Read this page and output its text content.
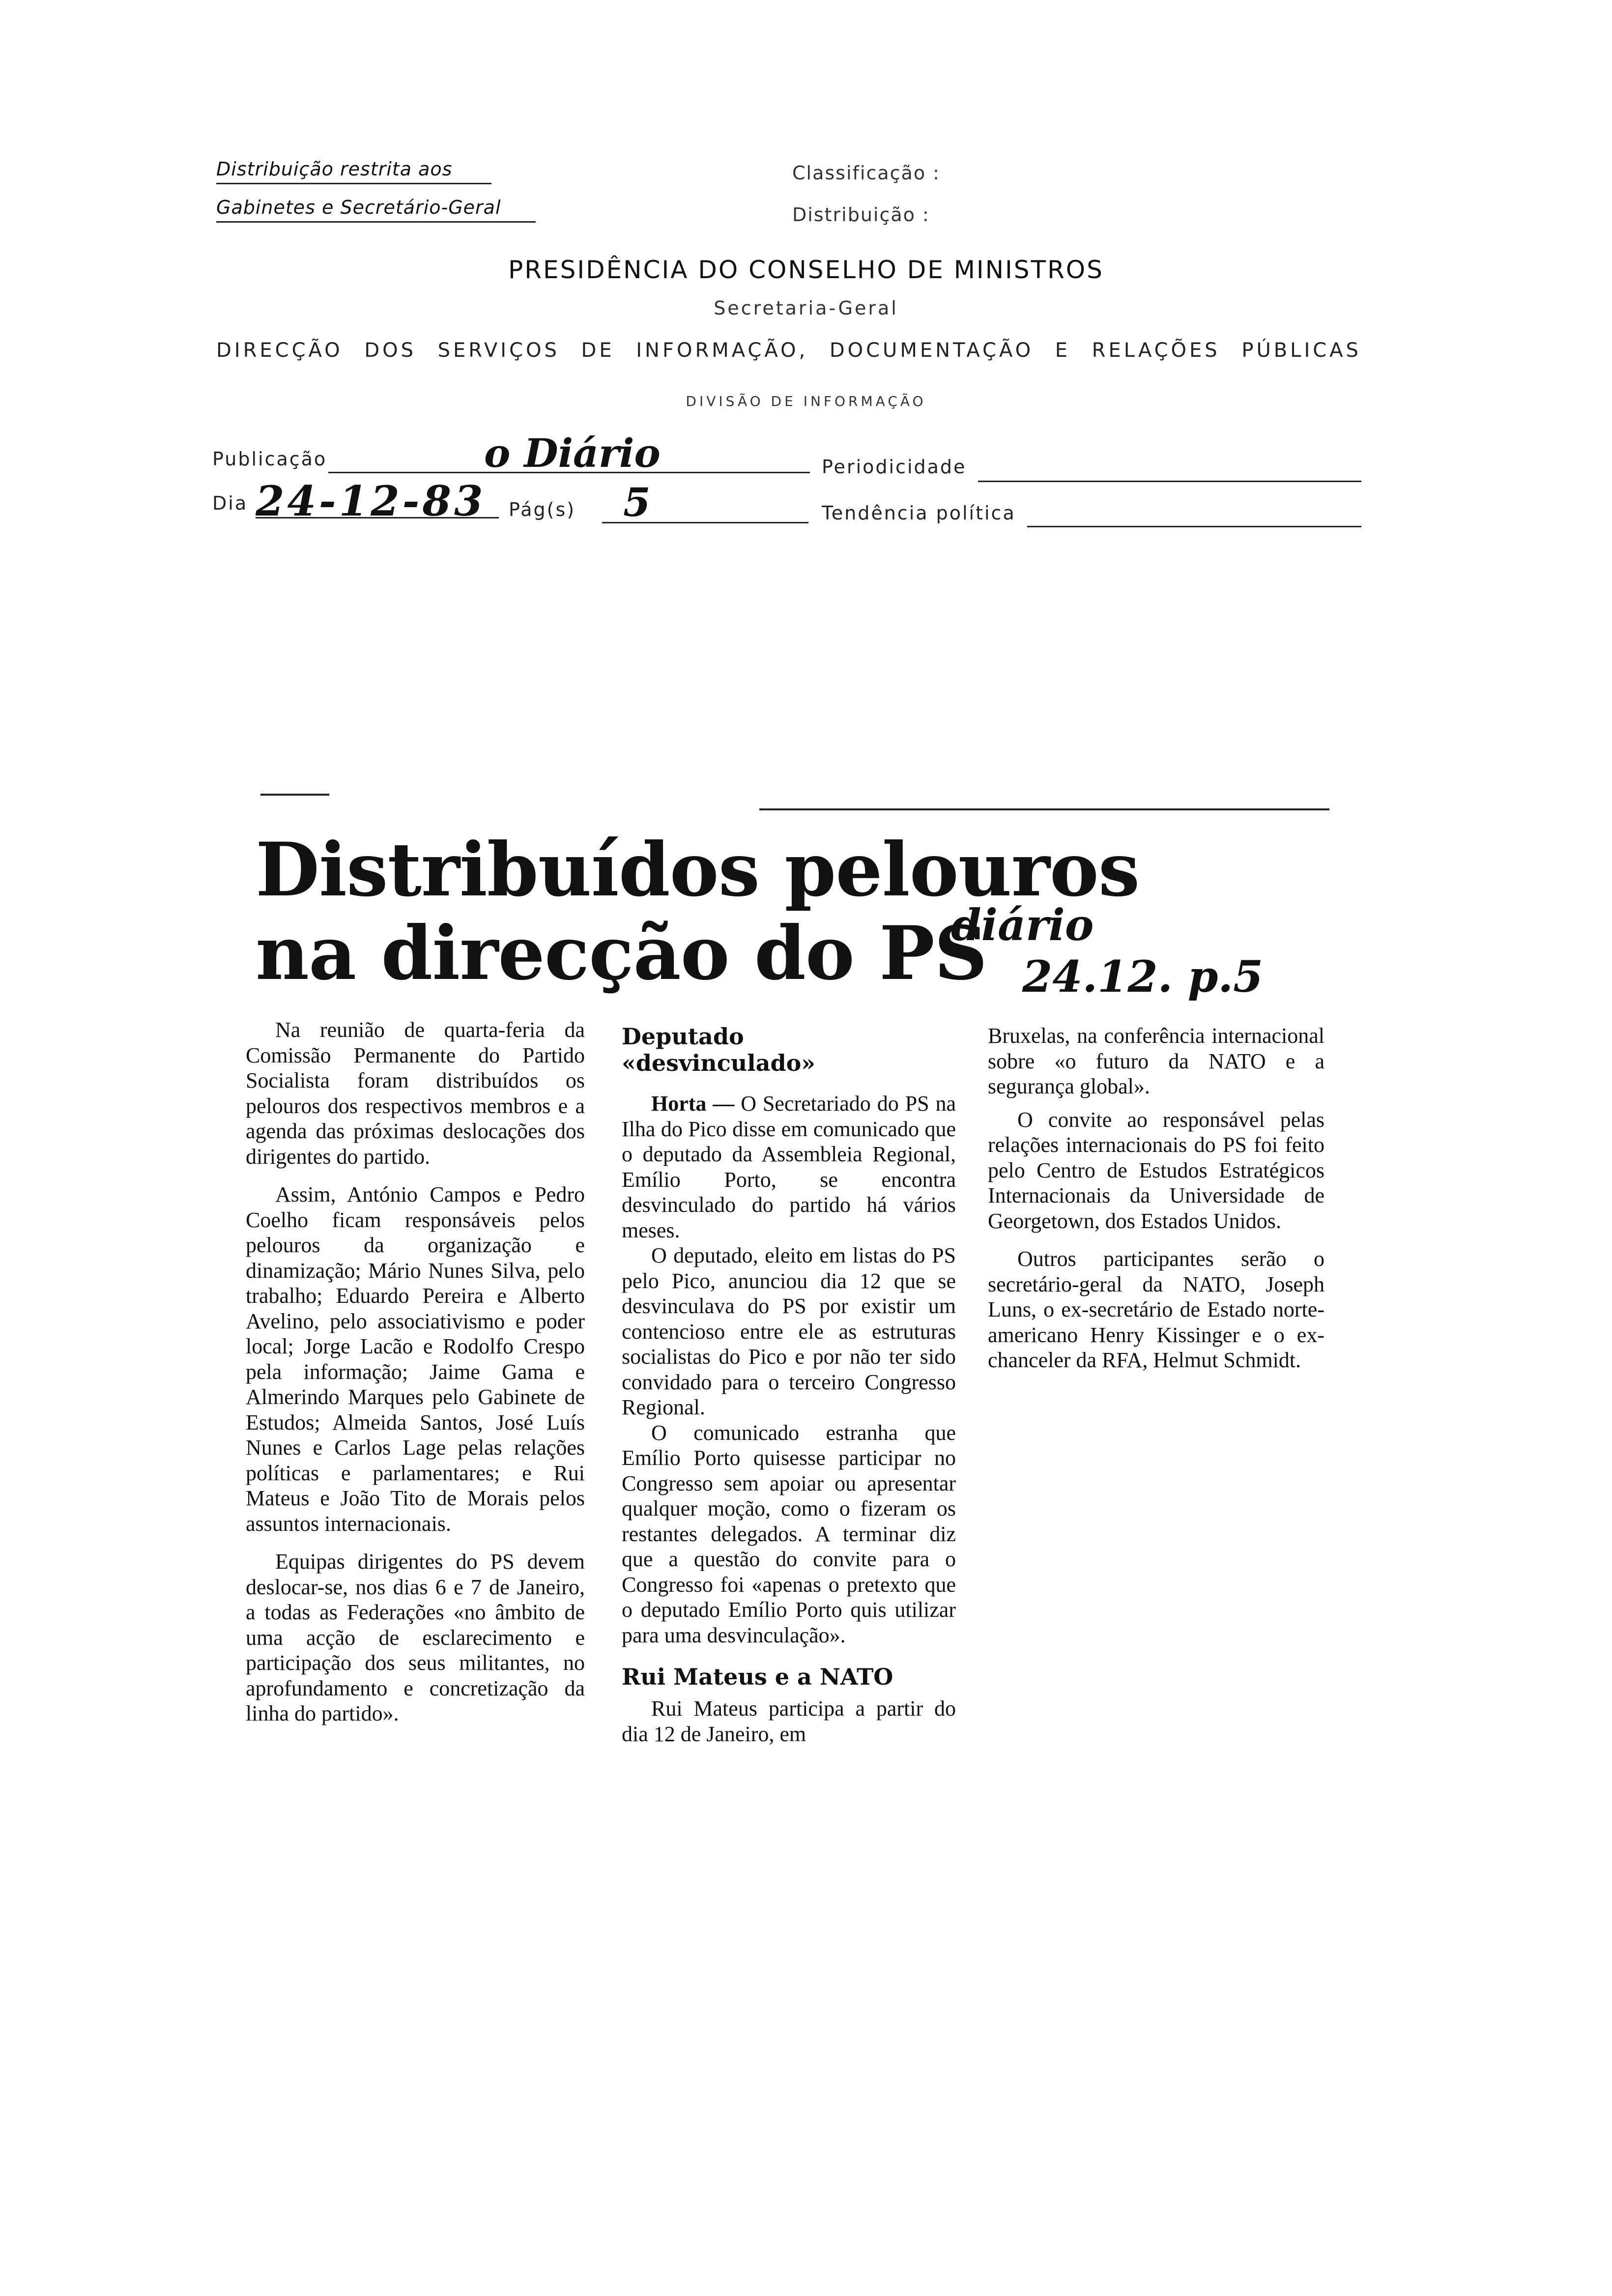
Distribuição restrita aos
Gabinetes e Secretário-Geral
Classificação :
Distribuição :
PRESIDÊNCIA DO CONSELHO DE MINISTROS
Secretaria-Geral
DIRECÇÃO DOS SERVIÇOS DE INFORMAÇÃO, DOCUMENTAÇÃO E RELAÇÕES PÚBLICAS
DIVISÃO DE INFORMAÇÃO
Publicação	o Diário	Periodicidade
Dia 24-12-83 Pág(s) 5	Tendência política
Distribuídos pelouros
na direcção do PS
diário
24.12. p.5

Na reunião de quarta-feria da Comissão Permanente do Partido Socialista foram distribuídos os pelouros dos respectivos membros e a agenda das próximas deslocações dos dirigentes do partido.

Assim, António Campos e Pedro Coelho ficam responsáveis pelos pelouros da organização e dinamização; Mário Nunes Silva, pelo trabalho; Eduardo Pereira e Alberto Avelino, pelo associativismo e poder local; Jorge Lacão e Rodolfo Crespo pela informação; Jaime Gama e Almerindo Marques pelo Gabinete de Estudos; Almeida Santos, José Luís Nunes e Carlos Lage pelas relações políticas e parlamentares; e Rui Mateus e João Tito de Morais pelos assuntos internacionais.

Equipas dirigentes do PS devem deslocar-se, nos dias 6 e 7 de Janeiro, a todas as Federações «no âmbito de uma acção de esclarecimento e participação dos seus militantes, no aprofundamento e concretização da linha do partido».

Deputado
«desvinculado»

Horta — O Secretariado do PS na Ilha do Pico disse em comunicado que o deputado da Assembleia Regional, Emílio Porto, se encontra desvinculado do partido há vários meses.

O deputado, eleito em listas do PS pelo Pico, anunciou dia 12 que se desvinculava do PS por existir um contencioso entre ele as estruturas socialistas do Pico e por não ter sido convidado para o terceiro Congresso Regional.

O comunicado estranha que Emílio Porto quisesse participar no Congresso sem apoiar ou apresentar qualquer moção, como o fizeram os restantes delegados. A terminar diz que a questão do convite para o Congresso foi «apenas o pretexto que o deputado Emílio Porto quis utilizar para uma desvinculação».

Rui Mateus e a NATO

Rui Mateus participa a partir do dia 12 de Janeiro, em

Bruxelas, na conferência internacional sobre «o futuro da NATO e a segurança global».

O convite ao responsável pelas relações internacionais do PS foi feito pelo Centro de Estudos Estratégicos Internacionais da Universidade de Georgetown, dos Estados Unidos.

Outros participantes serão o secretário-geral da NATO, Joseph Luns, o ex-secretário de Estado norte-americano Henry Kissinger e o ex-chanceler da RFA, Helmut Schmidt.
